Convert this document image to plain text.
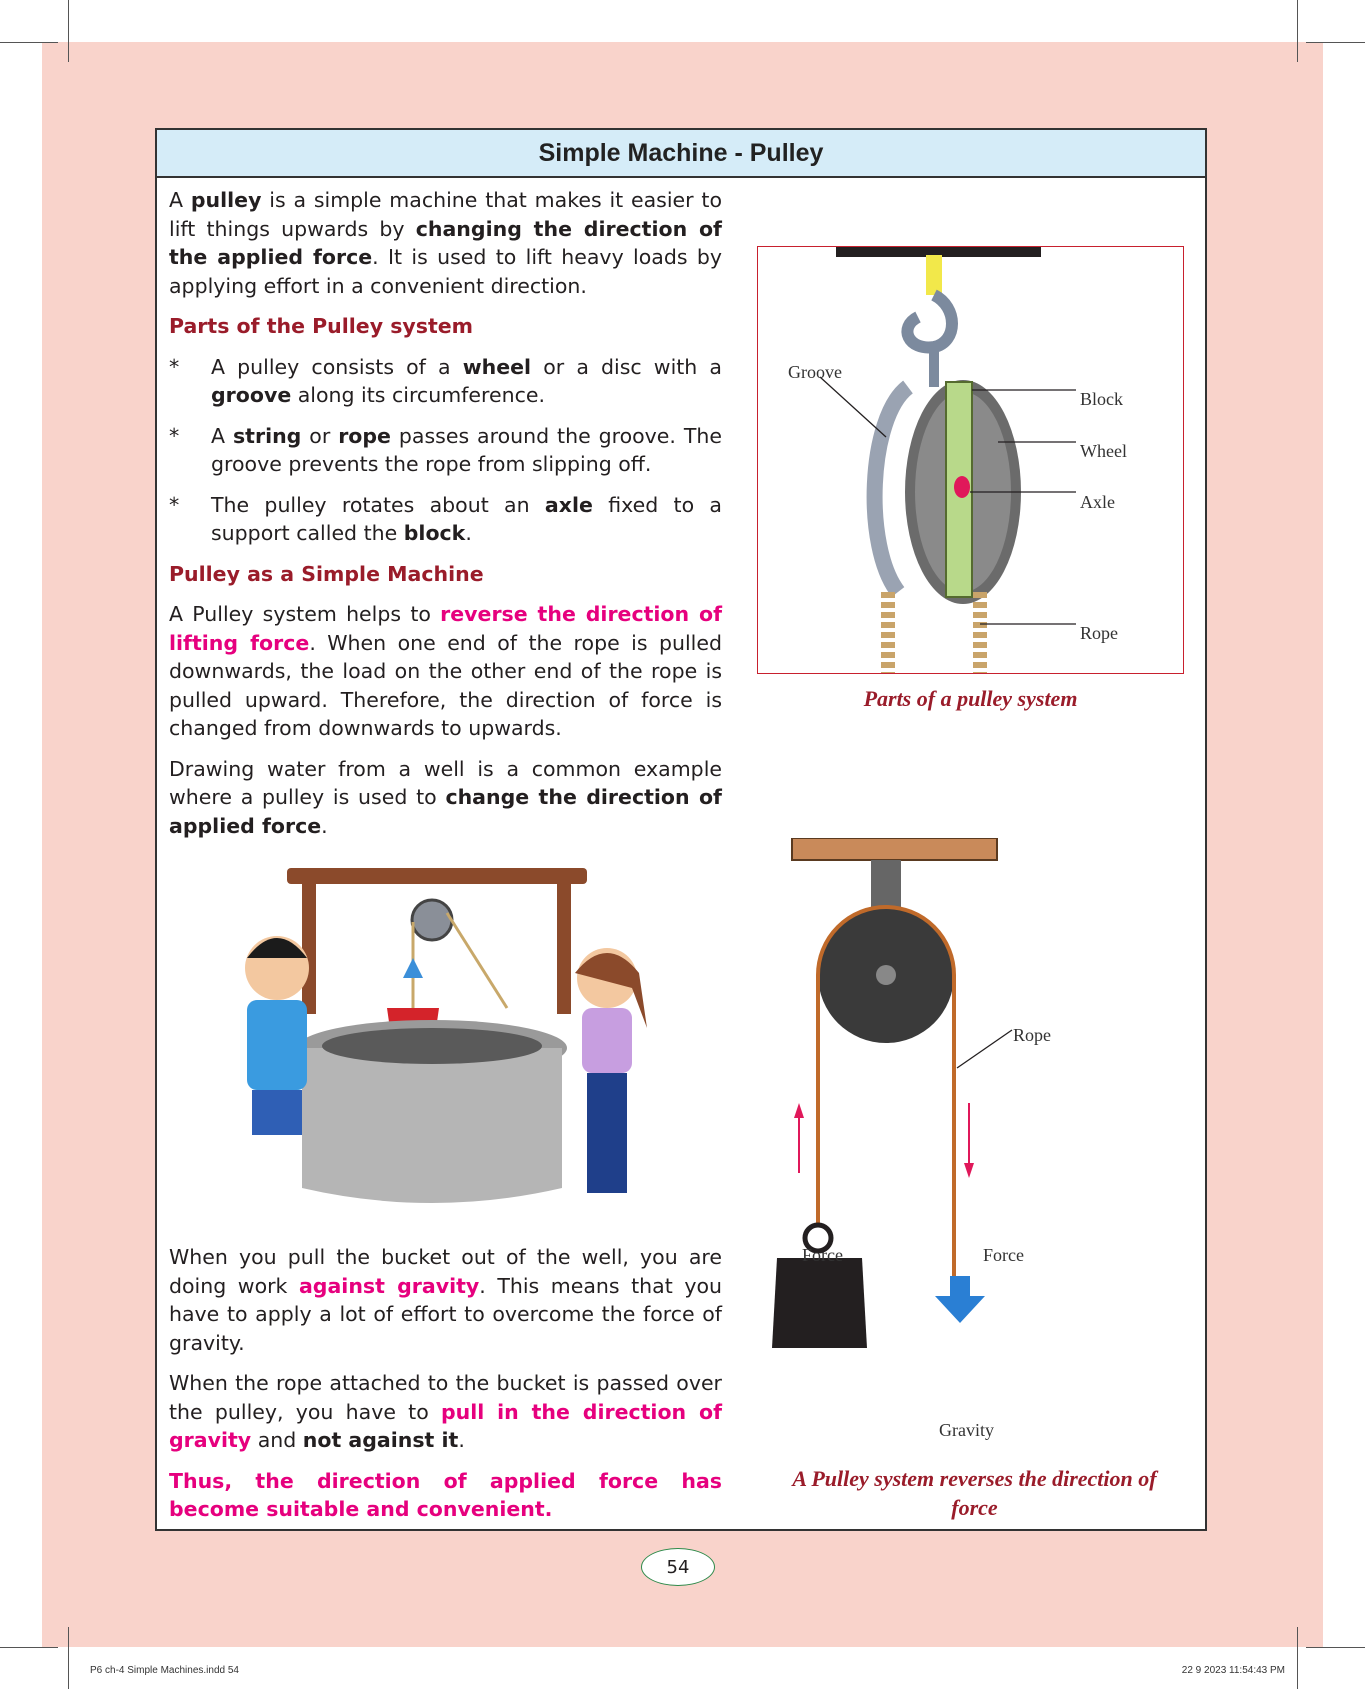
Simple Machine - Pulley

A pulley is a simple machine that makes it easier to lift things upwards by changing the direction of the applied force. It is used to lift heavy loads by applying effort in a convenient direction.

Parts of the Pulley system
*	A pulley consists of a wheel or a disc with a groove along its circumference.
*	A string or rope passes around the groove. The groove prevents the rope from slipping off.
*	The pulley rotates about an axle fixed to a support called the block.
Pulley as a Simple Machine

A Pulley system helps to reverse the direction of lifting force. When one end of the rope is pulled downwards, the load on the other end of the rope is pulled upward. Therefore, the direction of force is changed from downwards to upwards.

Drawing water from a well is a common example where a pulley is used to change the direction of applied force.

When you pull the bucket out of the well, you are doing work against gravity. This means that you have to apply a lot of effort to overcome the force of gravity.

When the rope attached to the bucket is passed over the pulley, you have to pull in the direction of gravity and not against it.

Thus, the direction of applied force has become suitable and convenient.

Groove
Block
Wheel
Axle
Rope
Parts of a pulley system
Rope
Force	Force
LOAD
Gravity
A Pulley system reverses the direction of force
54
P6 ch-4 Simple Machines.indd 54	22 9 2023 11:54:43 PM
